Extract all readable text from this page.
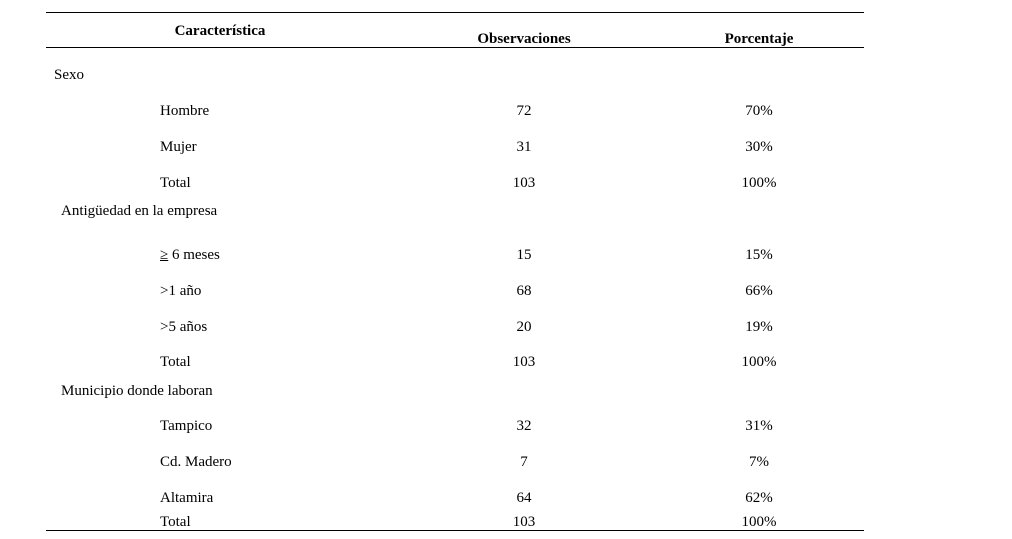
Característica	Observaciones	Porcentaje
Sexo
Hombre	72	70%
Mujer	31	30%
Total	103	100%
Antigüedad en la empresa
≥ 6 meses	15	15%
>1 año	68	66%
>5 años	20	19%
Total	103	100%
Municipio donde laboran
Tampico	32	31%
Cd. Madero	7	7%
Altamira	64	62%
Total	103	100%
